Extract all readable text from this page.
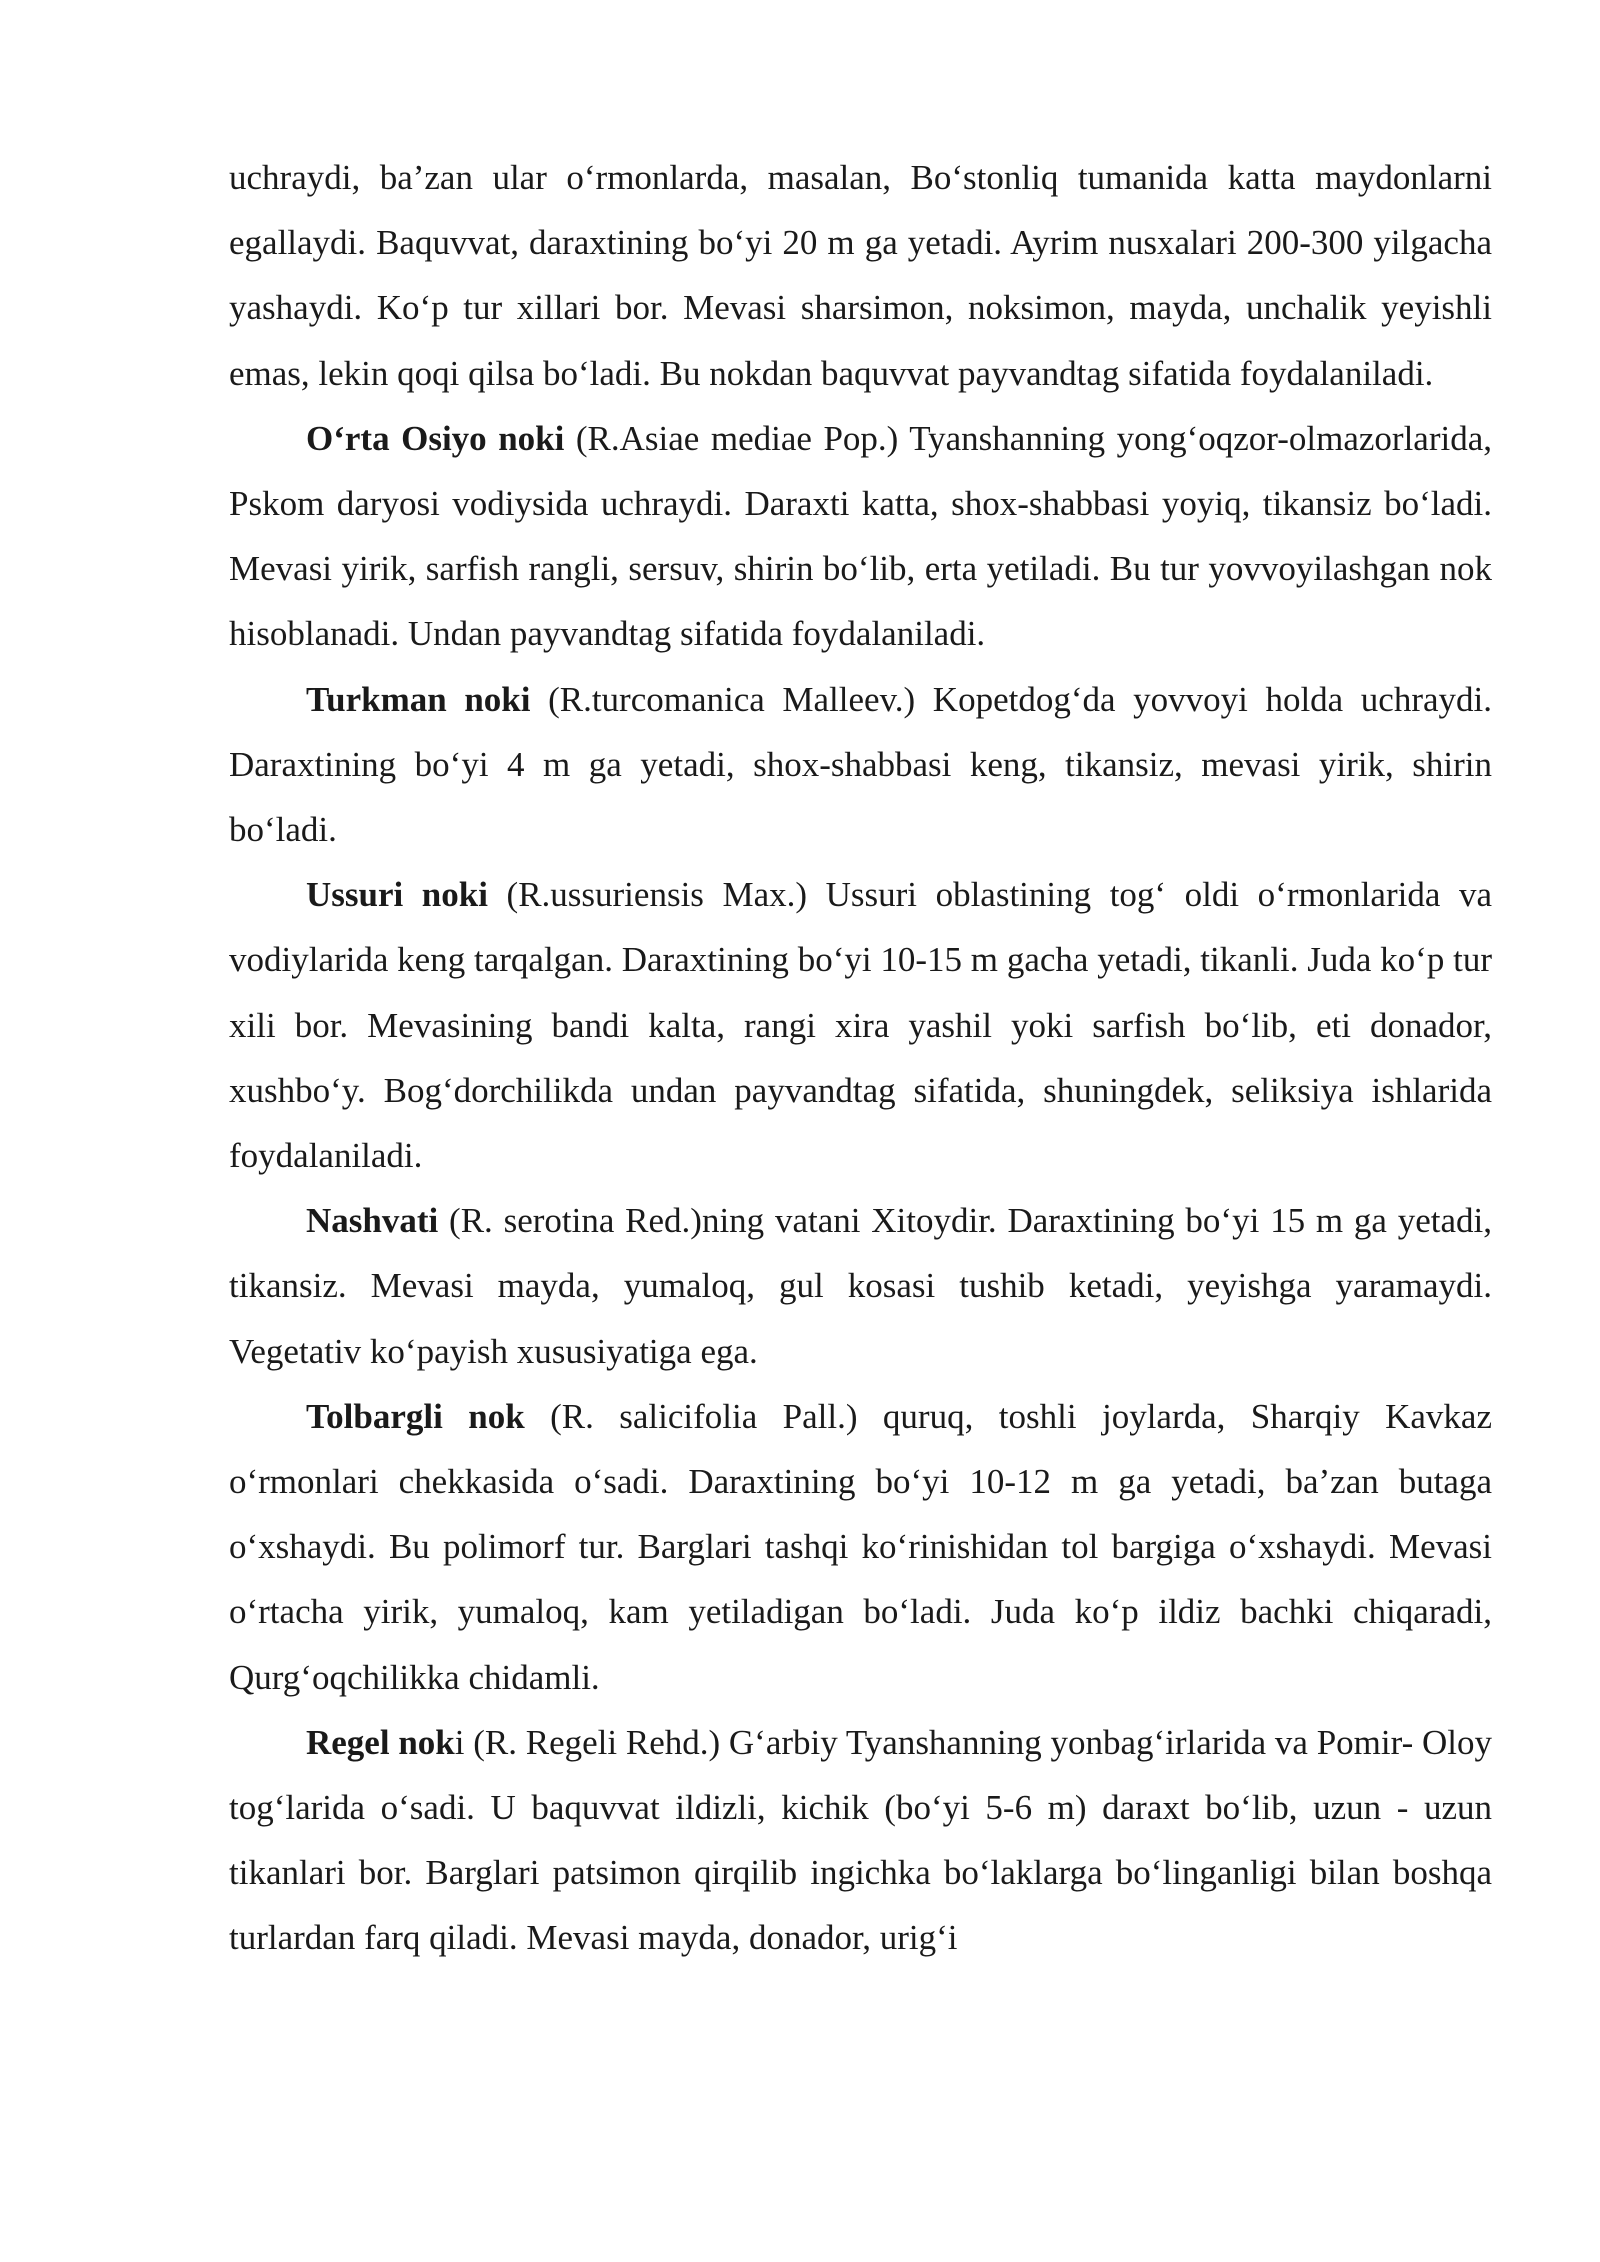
uchraydi, ba’zan ular o‘rmonlarda, masalan, Bo‘stonliq tumanida katta maydonlarni egallaydi. Baquvvat, daraxtining bo‘yi 20 m ga yetadi. Ayrim nusxalari 200-300 yilgacha yashaydi. Ko‘p tur xillari bor. Mevasi sharsimon, noksimon, mayda, unchalik yeyishli emas, lekin qoqi qilsa bo‘ladi. Bu nokdan baquvvat payvandtag sifatida foydalaniladi.

O‘rta Osiyo noki (R.Asiae mediae Pop.) Tyanshanning yong‘oqzor-olmazorlarida, Pskom daryosi vodiysida uchraydi. Daraxti katta, shox-shabbasi yoyiq, tikansiz bo‘ladi. Mevasi yirik, sarfish rangli, sersuv, shirin bo‘lib, erta yetiladi. Bu tur yovvoyilashgan nok hisoblanadi. Undan payvandtag sifatida foydalaniladi.

Turkman noki (R.turcomanica Malleev.) Kopetdog‘da yovvoyi holda uchraydi. Daraxtining bo‘yi 4 m ga yetadi, shox-shabbasi keng, tikansiz, mevasi yirik, shirin bo‘ladi.

Ussuri noki (R.ussuriensis Max.) Ussuri oblastining tog‘ oldi o‘rmonlarida va vodiylarida keng tarqalgan. Daraxtining bo‘yi 10-15 m gacha yetadi, tikanli. Juda ko‘p tur xili bor. Mevasining bandi kalta, rangi xira yashil yoki sarfish bo‘lib, eti donador, xushbo‘y. Bog‘dorchilikda undan payvandtag sifatida, shuningdek, seliksiya ishlarida foydalaniladi.

Nashvati (R. serotina Red.)ning vatani Xitoydir. Daraxtining bo‘yi 15 m ga yetadi, tikansiz. Mevasi mayda, yumaloq, gul kosasi tushib ketadi, yeyishga yaramaydi. Vegetativ ko‘payish xususiyatiga ega.

Tolbargli nok (R. salicifolia Pall.) quruq, toshli joylarda, Sharqiy Kavkaz o‘rmonlari chekkasida o‘sadi. Daraxtining bo‘yi 10-12 m ga yetadi, ba’zan butaga o‘xshaydi. Bu polimorf tur. Barglari tashqi ko‘rinishidan tol bargiga o‘xshaydi. Mevasi o‘rtacha yirik, yumaloq, kam yetiladigan bo‘ladi. Juda ko‘p ildiz bachki chiqaradi, Qurg‘oqchilikka chidamli.

Regel noki (R. Regeli Rehd.) G‘arbiy Tyanshanning yonbag‘irlarida va Pomir- Oloy tog‘larida o‘sadi. U baquvvat ildizli, kichik (bo‘yi 5-6 m) daraxt bo‘lib, uzun - uzun tikanlari bor. Barglari patsimon qirqilib ingichka bo‘laklarga bo‘linganligi bilan boshqa turlardan farq qiladi. Mevasi mayda, donador, urig‘i
